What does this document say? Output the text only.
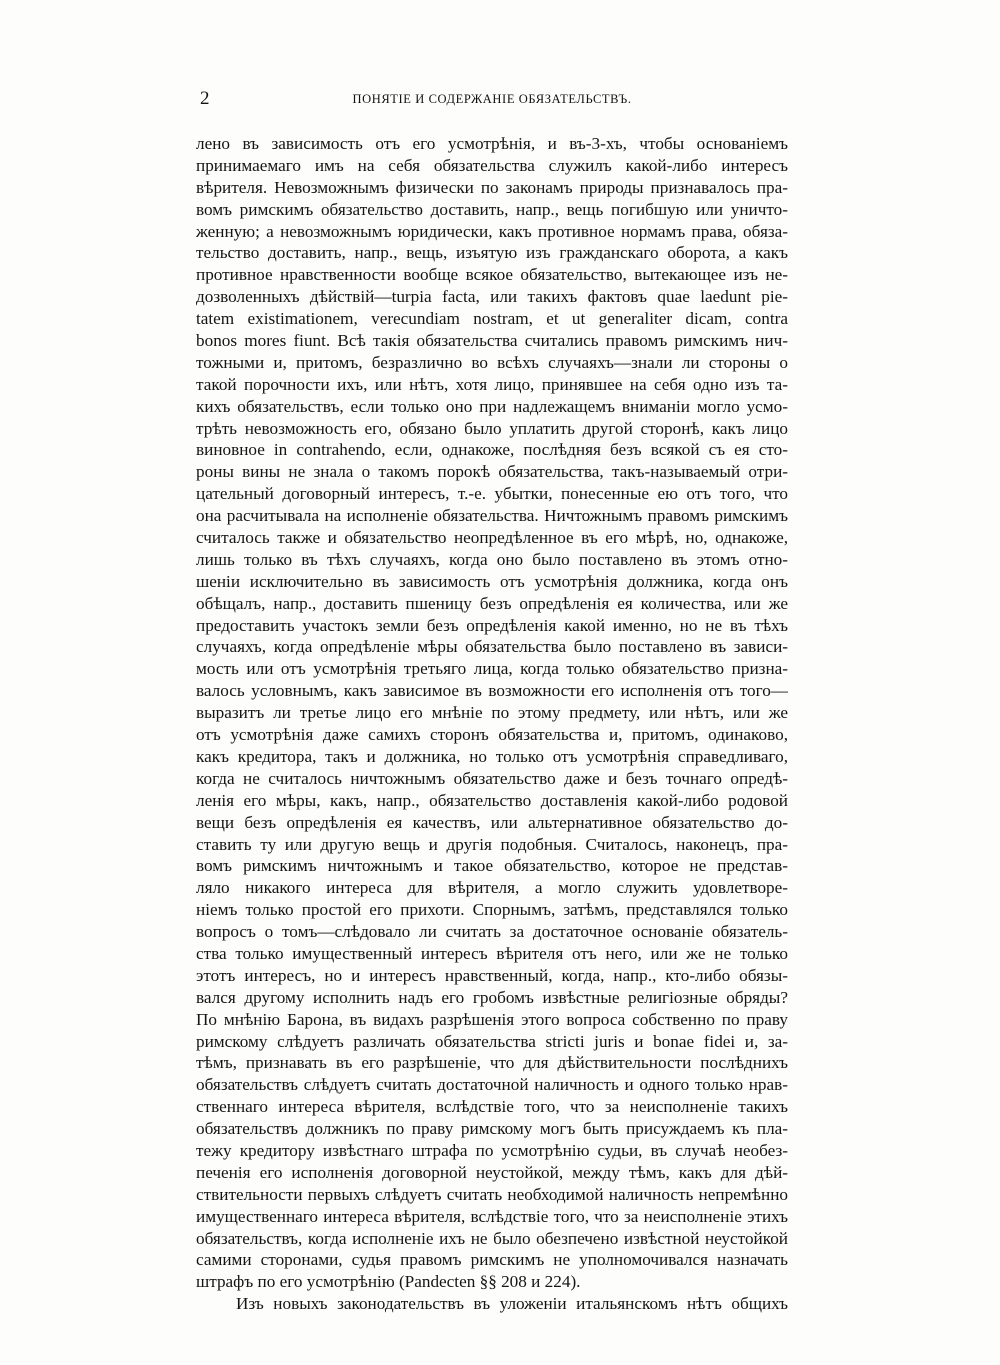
2	ПОНЯТІЕ И СОДЕРЖАНІЕ ОБЯЗАТЕЛЬСТВЪ.
лено въ зависимость отъ его усмотрѣнія, и въ-3-хъ, чтобы основаніемъ
принимаемаго имъ на себя обязательства служилъ какой-либо интересъ
вѣрителя. Невозможнымъ физически по законамъ природы признавалось пра-
вомъ римскимъ обязательство доставить, напр., вещь погибшую или уничто-
женную; а невозможнымъ юридически, какъ противное нормамъ права, обяза-
тельство доставить, напр., вещь, изъятую изъ гражданскаго оборота, а какъ
противное нравственности вообще всякое обязательство, вытекающее изъ не-
дозволенныхъ дѣйствій—turpia facta, или такихъ фактовъ quae laedunt pie-
tatem existimationem, verecundiam nostram, et ut generaliter dicam, contra
bonos mores fiunt. Всѣ такія обязательства считались правомъ римскимъ нич-
тожными и, притомъ, безразлично во всѣхъ случаяхъ—знали ли стороны о
такой порочности ихъ, или нѣтъ, хотя лицо, принявшее на себя одно изъ та-
кихъ обязательствъ, если только оно при надлежащемъ вниманіи могло усмо-
трѣть невозможность его, обязано было уплатить другой сторонѣ, какъ лицо
виновное in contrahendo, если, однакоже, послѣдняя безъ всякой съ ея сто-
роны вины не знала о такомъ порокѣ обязательства, такъ-называемый отри-
цательный договорный интересъ, т.-е. убытки, понесенные ею отъ того, что
она расчитывала на исполненіе обязательства. Ничтожнымъ правомъ римскимъ
считалось также и обязательство неопредѣленное въ его мѣрѣ, но, однакоже,
лишь только въ тѣхъ случаяхъ, когда оно было поставлено въ этомъ отно-
шеніи исключительно въ зависимость отъ усмотрѣнія должника, когда онъ
обѣщалъ, напр., доставить пшеницу безъ опредѣленія ея количества, или же
предоставить участокъ земли безъ опредѣленія какой именно, но не въ тѣхъ
случаяхъ, когда опредѣленіе мѣры обязательства было поставлено въ зависи-
мость или отъ усмотрѣнія третьяго лица, когда только обязательство призна-
валось условнымъ, какъ зависимое въ возможности его исполненія отъ того—
выразитъ ли третье лицо его мнѣніе по этому предмету, или нѣтъ, или же
отъ усмотрѣнія даже самихъ сторонъ обязательства и, притомъ, одинаково,
какъ кредитора, такъ и должника, но только отъ усмотрѣнія справедливаго,
когда не считалось ничтожнымъ обязательство даже и безъ точнаго опредѣ-
ленія его мѣры, какъ, напр., обязательство доставленія какой-либо родовой
вещи безъ опредѣленія ея качествъ, или альтернативное обязательство до-
ставить ту или другую вещь и другія подобныя. Считалось, наконецъ, пра-
вомъ римскимъ ничтожнымъ и такое обязательство, которое не представ-
ляло никакого интереса для вѣрителя, а могло служить удовлетворе-
ніемъ только простой его прихоти. Спорнымъ, затѣмъ, представлялся только
вопросъ о томъ—слѣдовало ли считать за достаточное основаніе обязатель-
ства только имущественный интересъ вѣрителя отъ него, или же не только
этотъ интересъ, но и интересъ нравственный, когда, напр., кто-либо обязы-
вался другому исполнить надъ его гробомъ извѣстные религіозные обряды?
По мнѣнію Барона, въ видахъ разрѣшенія этого вопроса собственно по праву
римскому слѣдуетъ различать обязательства stricti juris и bonae fidei и, за-
тѣмъ, признавать въ его разрѣшеніе, что для дѣйствительности послѣднихъ
обязательствъ слѣдуетъ считать достаточной наличность и одного только нрав-
ственнаго интереса вѣрителя, вслѣдствіе того, что за неисполненіе такихъ
обязательствъ должникъ по праву римскому могъ быть присуждаемъ къ пла-
тежу кредитору извѣстнаго штрафа по усмотрѣнію судьи, въ случаѣ необез-
печенія его исполненія договорной неустойкой, между тѣмъ, какъ для дѣй-
ствительности первыхъ слѣдуетъ считать необходимой наличность непремѣнно
имущественнаго интереса вѣрителя, вслѣдствіе того, что за неисполненіе этихъ
обязательствъ, когда исполненіе ихъ не было обезпечено извѣстной неустойкой
самими сторонами, судья правомъ римскимъ не уполномочивался назначать
штрафъ по его усмотрѣнію (Pandecten §§ 208 и 224).
Изъ новыхъ законодательствъ въ уложеніи итальянскомъ нѣтъ общихъ
